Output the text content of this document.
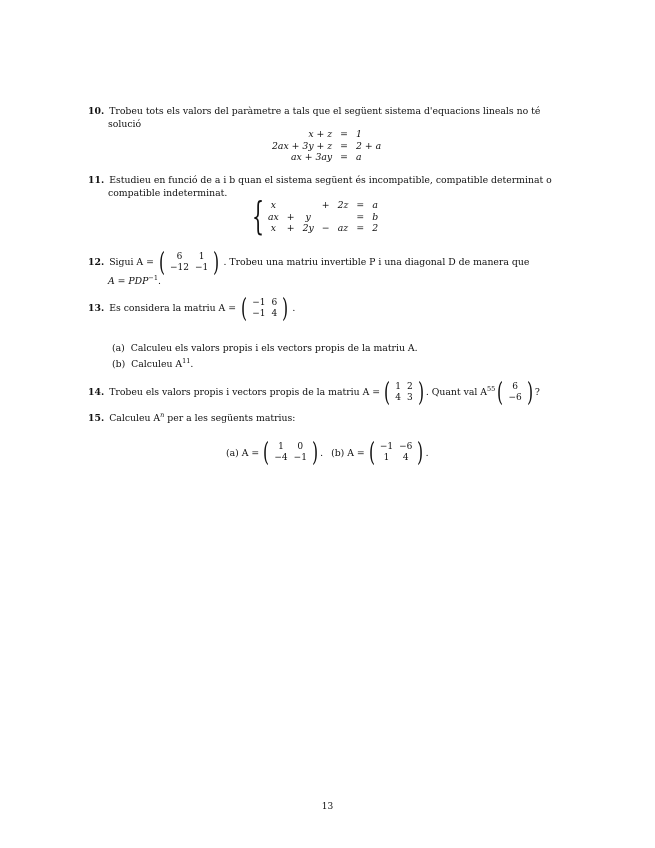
10. Trobeu tots els valors del paràmetre a tals que el següent sistema d'equacions lineals no té
solució
x + z	=	1
2ax + 3y + z	=	2 + a
ax + 3ay	=	a
11. Estudieu en funció de a i b quan el sistema següent és incompatible, compatible determinat o
compatible indeterminat.
{ x			+	2z	=	a
ax	+	y			=	b
x	+	2y	−	az	=	2
12. Sigui A = ( 6	1
−12	−1 ) . Trobeu una matriu invertible P i una diagonal D de manera que
$A = PDP^{-1}$.
13. Es considera la matriu A = ( −1	6
−1	4 ) .
(a) Calculeu els valors propis i els vectors propis de la matriu A.
(b) Calculeu $A^{11}$.
14. Trobeu els valors propis i vectors propis de la matriu A = ( 1	2
4	3 ) . Quant val A 55 ( 6
−6 ) ?
15. Calculeu $A^n$ per a les següents matrius:
(a) A = ( 1	0
−4	−1 ) . (b) A = ( −1	−6
1	4 ) .
13
